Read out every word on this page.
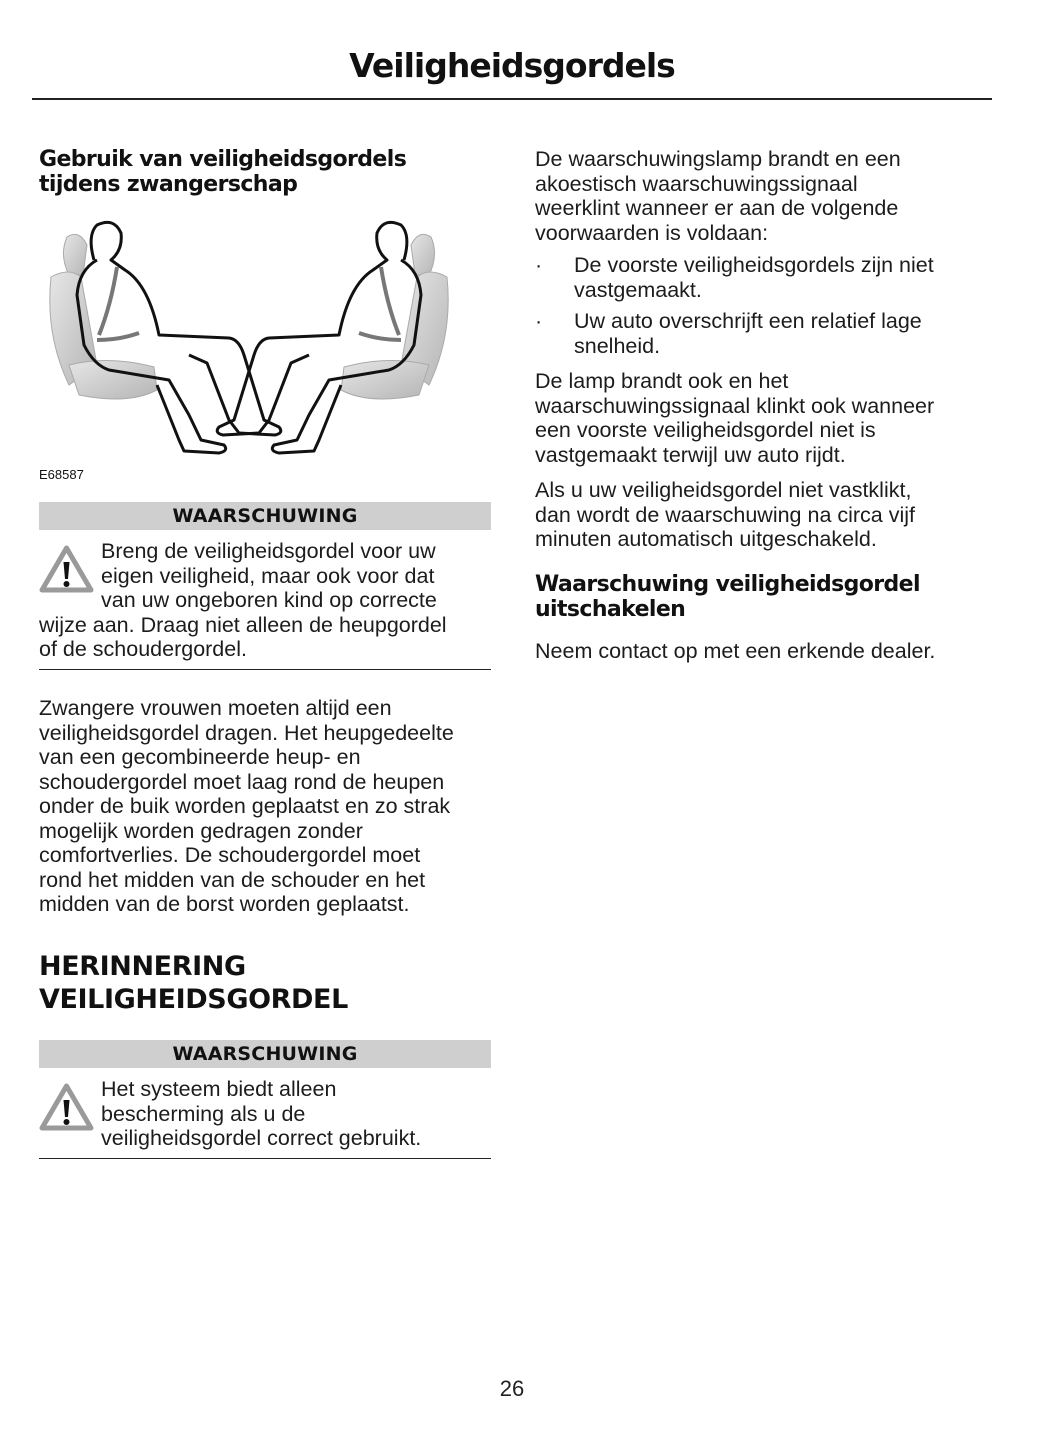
Veiligheidsgordels

Gebruik van veiligheidsgordels

tijdens zwangerschap

E68587
WAARSCHUWING
Breng de veiligheidsgordel voor uw
eigen veiligheid, maar ook voor dat
van uw ongeboren kind op correcte
wijze aan. Draag niet alleen de heupgordel
of de schoudergordel.

Zwangere vrouwen moeten altijd een

veiligheidsgordel dragen. Het heupgedeelte

van een gecombineerde heup- en

schoudergordel moet laag rond de heupen

onder de buik worden geplaatst en zo strak

mogelijk worden gedragen zonder

comfortverlies. De schoudergordel moet

rond het midden van de schouder en het

midden van de borst worden geplaatst.

HERINNERING

VEILIGHEIDSGORDEL

WAARSCHUWING
Het systeem biedt alleen
bescherming als u de
veiligheidsgordel correct gebruikt.

De waarschuwingslamp brandt en een

akoestisch waarschuwingssignaal

weerklint wanneer er aan de volgende

voorwaarden is voldaan:

· De voorste veiligheidsgordels zijn niet
vastgemaakt.
· Uw auto overschrijft een relatief lage
snelheid.

De lamp brandt ook en het

waarschuwingssignaal klinkt ook wanneer

een voorste veiligheidsgordel niet is

vastgemaakt terwijl uw auto rijdt.

Als u uw veiligheidsgordel niet vastklikt,

dan wordt de waarschuwing na circa vijf

minuten automatisch uitgeschakeld.

Waarschuwing veiligheidsgordel

uitschakelen

Neem contact op met een erkende dealer.

26
